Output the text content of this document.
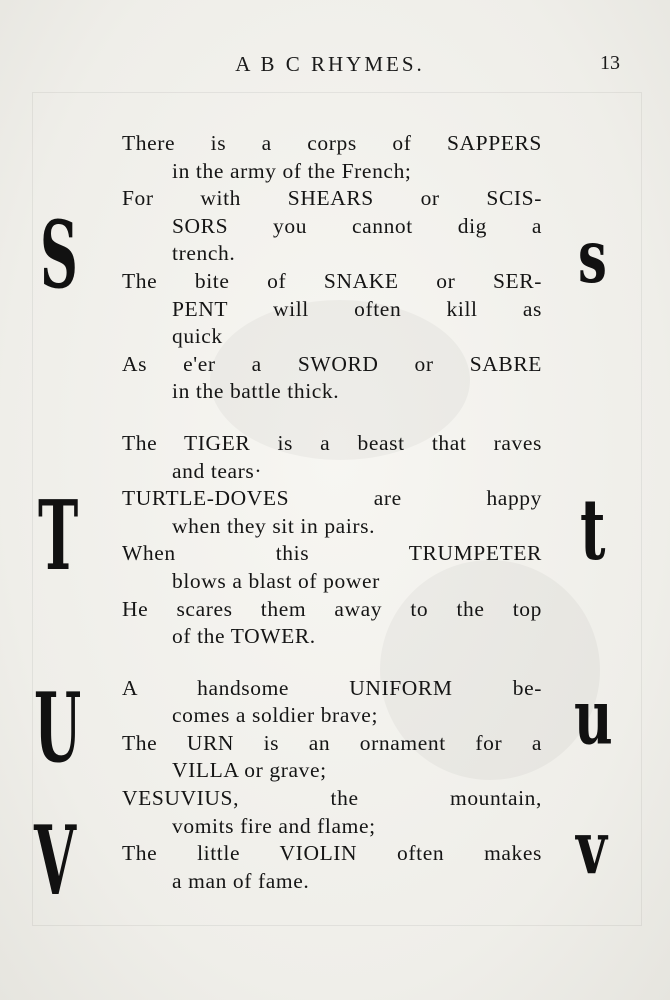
A B C RHYMES.	13
S
T
U
V
s
t
u
v

There is a corps of SAPPERS

in the army of the French;

For with SHEARS or SCIS-

SORS you cannot dig a

trench.

The bite of SNAKE or SER-

PENT will often kill as

quick

As e'er a SWORD or SABRE

in the battle thick.

The TIGER is a beast that raves

and tears·

TURTLE-DOVES are happy

when they sit in pairs.

When this TRUMPETER

blows a blast of power

He scares them away to the top

of the TOWER.

A handsome UNIFORM be-

comes a soldier brave;

The URN is an ornament for a

VILLA or grave;

VESUVIUS, the mountain,

vomits fire and flame;

The little VIOLIN often makes

a man of fame.
